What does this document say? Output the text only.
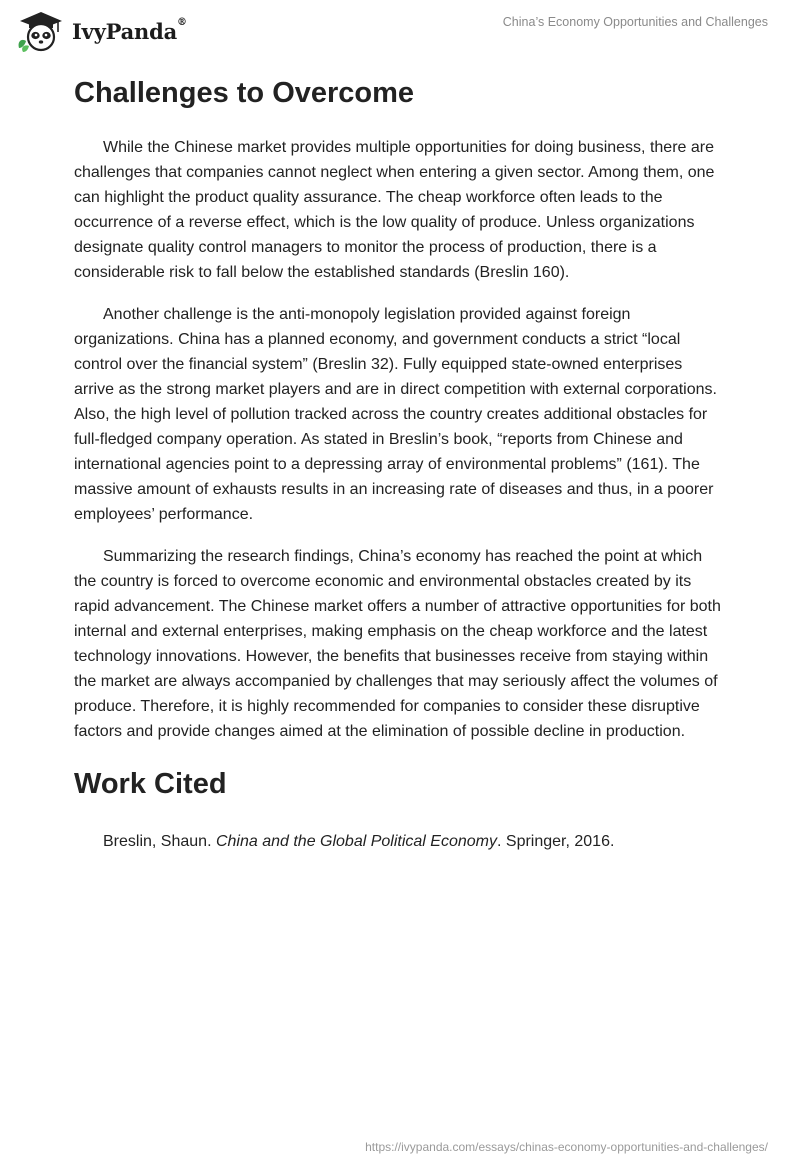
IvyPanda®	China’s Economy Opportunities and Challenges
Challenges to Overcome

While the Chinese market provides multiple opportunities for doing business, there are challenges that companies cannot neglect when entering a given sector. Among them, one can highlight the product quality assurance. The cheap workforce often leads to the occurrence of a reverse effect, which is the low quality of produce. Unless organizations designate quality control managers to monitor the process of production, there is a considerable risk to fall below the established standards (Breslin 160).

Another challenge is the anti-monopoly legislation provided against foreign organizations. China has a planned economy, and government conducts a strict “local control over the financial system” (Breslin 32). Fully equipped state-owned enterprises arrive as the strong market players and are in direct competition with external corporations. Also, the high level of pollution tracked across the country creates additional obstacles for full-fledged company operation. As stated in Breslin’s book, “reports from Chinese and international agencies point to a depressing array of environmental problems” (161). The massive amount of exhausts results in an increasing rate of diseases and thus, in a poorer employees’ performance.

Summarizing the research findings, China’s economy has reached the point at which the country is forced to overcome economic and environmental obstacles created by its rapid advancement. The Chinese market offers a number of attractive opportunities for both internal and external enterprises, making emphasis on the cheap workforce and the latest technology innovations. However, the benefits that businesses receive from staying within the market are always accompanied by challenges that may seriously affect the volumes of produce. Therefore, it is highly recommended for companies to consider these disruptive factors and provide changes aimed at the elimination of possible decline in production.

Work Cited
Breslin, Shaun. China and the Global Political Economy. Springer, 2016.
https://ivypanda.com/essays/chinas-economy-opportunities-and-challenges/
